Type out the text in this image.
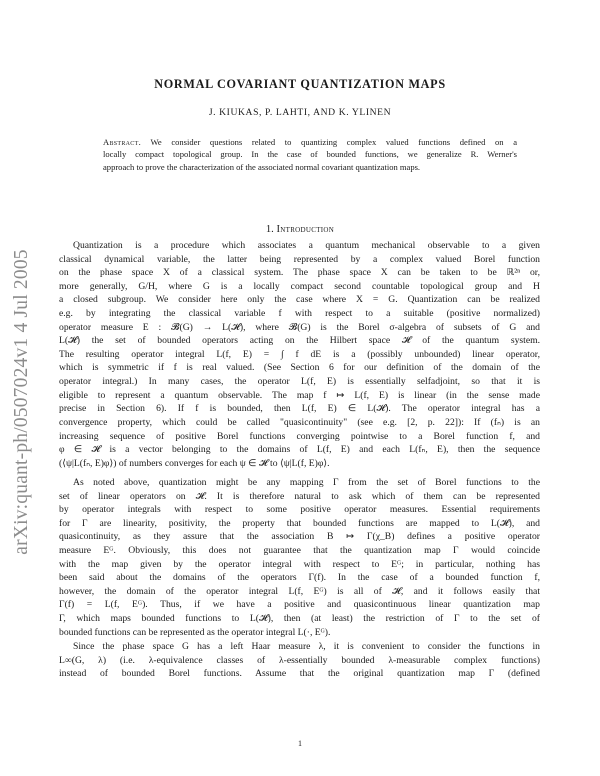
arXiv:quant-ph/0507024v1 4 Jul 2005
NORMAL COVARIANT QUANTIZATION MAPS
J. KIUKAS, P. LAHTI, AND K. YLINEN
Abstract. We consider questions related to quantizing complex valued functions defined on a
locally compact topological group. In the case of bounded functions, we generalize R. Werner's
approach to prove the characterization of the associated normal covariant quantization maps.
1. Introduction
Quantization is a procedure which associates a quantum mechanical observable to a given
classical dynamical variable, the latter being represented by a complex valued Borel function
on the phase space X of a classical system. The phase space X can be taken to be ℝ²ⁿ or,
more generally, G/H, where G is a locally compact second countable topological group and H
a closed subgroup. We consider here only the case where X = G. Quantization can be realized
e.g. by integrating the classical variable f with respect to a suitable (positive normalized)
operator measure E : 𝓑(G) → L(𝓗), where 𝓑(G) is the Borel σ-algebra of subsets of G and
L(𝓗) the set of bounded operators acting on the Hilbert space 𝓗 of the quantum system.
The resulting operator integral L(f, E) = ∫ f dE is a (possibly unbounded) linear operator,
which is symmetric if f is real valued. (See Section 6 for our definition of the domain of the
operator integral.) In many cases, the operator L(f, E) is essentially selfadjoint, so that it is
eligible to represent a quantum observable. The map f ↦ L(f, E) is linear (in the sense made
precise in Section 6). If f is bounded, then L(f, E) ∈ L(𝓗). The operator integral has a
convergence property, which could be called "quasicontinuity" (see e.g. [2, p. 22]): If (fₙ) is an
increasing sequence of positive Borel functions converging pointwise to a Borel function f, and
φ ∈ 𝓗 is a vector belonging to the domains of L(f, E) and each L(fₙ, E), then the sequence
(⟨ψ|L(fₙ, E)φ⟩) of numbers converges for each ψ ∈ 𝓗 to ⟨ψ|L(f, E)φ⟩.
As noted above, quantization might be any mapping Γ from the set of Borel functions to the
set of linear operators on 𝓗. It is therefore natural to ask which of them can be represented
by operator integrals with respect to some positive operator measures. Essential requirements
for Γ are linearity, positivity, the property that bounded functions are mapped to L(𝓗), and
quasicontinuity, as they assure that the association B ↦ Γ(χ_B) defines a positive operator
measure Eᴳ. Obviously, this does not guarantee that the quantization map Γ would coincide
with the map given by the operator integral with respect to Eᴳ; in particular, nothing has
been said about the domains of the operators Γ(f). In the case of a bounded function f,
however, the domain of the operator integral L(f, Eᴳ) is all of 𝓗, and it follows easily that
Γ(f) = L(f, Eᴳ). Thus, if we have a positive and quasicontinuous linear quantization map
Γ, which maps bounded functions to L(𝓗), then (at least) the restriction of Γ to the set of
bounded functions can be represented as the operator integral L(·, Eᴳ).
Since the phase space G has a left Haar measure λ, it is convenient to consider the functions in
L∞(G, λ) (i.e. λ-equivalence classes of λ-essentially bounded λ-measurable complex functions)
instead of bounded Borel functions. Assume that the original quantization map Γ (defined
1
